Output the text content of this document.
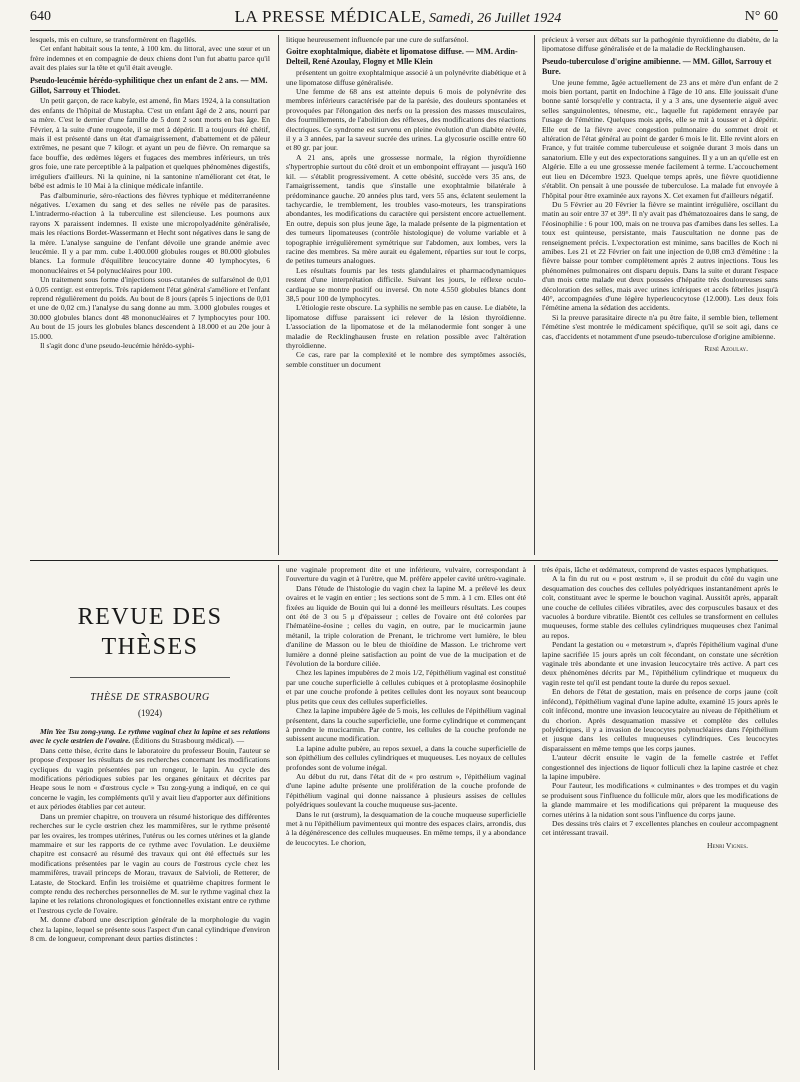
640	LA PRESSE MÉDICALE, Samedi, 26 Juillet 1924	N° 60

lesquels, mis en culture, se transformèrent en flagellés.

Cet enfant habitait sous la tente, à 100 km. du littoral, avec une sœur et un frère indemnes et en compagnie de deux chiens dont l'un fut abattu parce qu'il avait des plaies sur la tête et qu'il était aveugle.

Pseudo-leucémie hérédo-syphilitique chez un enfant de 2 ans. — MM. Gillot, Sarrouy et Thiodet.

Un petit garçon, de race kabyle, est amené, fin Mars 1924, à la consultation des enfants de l'hôpital de Mustapha. C'est un enfant âgé de 2 ans, nourri par sa mère. C'est le dernier d'une famille de 5 dont 2 sont morts en bas âge. En Février, à la suite d'une rougeole, il se met à dépérir. Il a toujours été chétif, mais il est présenté dans un état d'amaigrissement, d'abattement et de pâleur extrêmes, ne pesant que 7 kilogr. et ayant un peu de fièvre. On remarque sa face bouffie, des œdèmes légers et fugaces des membres inférieurs, un très gros foie, une rate perceptible à la palpation et quelques phénomènes digestifs, irréguliers d'ailleurs. Ni la quinine, ni la santonine n'améliorant cet état, le bébé est admis le 10 Mai à la clinique médicale infantile.

Pas d'albuminurie, séro-réactions des fièvres typhique et méditerranéenne négatives. L'examen du sang et des selles ne révèle pas de parasites. L'intradermo-réaction à la tuberculine est silencieuse. Les poumons aux rayons X paraissent indemnes. Il existe une micropolyadénite généralisée, mais les réactions Bordet-Wassermann et Hecht sont négatives dans le sang de la mère. L'analyse sanguine de l'enfant dévoile une grande anémie avec leucémie. Il y a par mm. cube 1.400.000 globules rouges et 80.000 globules blancs. La formule d'équilibre leucocytaire donne 40 lymphocytes, 6 mononucléaires et 54 polynucléaires pour 100.

Un traitement sous forme d'injections sous-cutanées de sulfarsénol de 0,01 à 0,05 centigr. est entrepris. Très rapidement l'état général s'améliore et l'enfant reprend régulièrement du poids. Au bout de 8 jours (après 5 injections de 0,01 et une de 0,02 cm.) l'analyse du sang donne au mm. 3.000 globules rouges et 30.000 globules blancs dont 48 mononucléaires et 7 lymphocytes pour 100. Au bout de 15 jours les globules blancs descendent à 18.000 et au 20e jour à 15.000.

Il s'agit donc d'une pseudo-leucémie hérédo-syphi-

litique heureusement influencée par une cure de sulfarsénol.

Goitre exophtalmique, diabète et lipomatose diffuse. — MM. Ardin-Delteil, René Azoulay, Flogny et Mlle Klein

présentent un goitre exophtalmique associé à un polynévrite diabétique et à une lipomatose diffuse généralisée.

Une femme de 68 ans est atteinte depuis 6 mois de polynévrite des membres inférieurs caractérisée par de la parésie, des douleurs spontanées et provoquées par l'élongation des nerfs ou la pression des masses musculaires, des fourmillements, de l'abolition des réflexes, des modifications des réactions électriques. Ce syndrome est survenu en pleine évolution d'un diabète révélé, il y a 3 années, par la saveur sucrée des urines. La glycosurie oscille entre 60 et 80 gr. par jour.

A 21 ans, après une grossesse normale, la région thyroïdienne s'hypertrophie surtout du côté droit et un embonpoint effrayant — jusqu'à 160 kil. — s'établit progressivement. A cette obésité, succède vers 35 ans, de l'amaigrissement, tandis que s'installe une exophtalmie bilatérale à prédominance gauche. 20 années plus tard, vers 55 ans, éclatent seulement la tachycardie, le tremblement, les troubles vaso-moteurs, les transpirations abondantes, les modifications du caractère qui persistent encore actuellement. En outre, depuis son plus jeune âge, la malade présente de la pigmentation et des tumeurs lipomateuses (contrôle histologique) de volume variable et à topographie irrégulièrement symétrique sur l'abdomen, aux lombes, vers la racine des membres. Sa mère aurait eu également, réparties sur tout le corps, de petites tumeurs analogues.

Les résultats fournis par les tests glandulaires et pharmacodynamiques restent d'une interprétation difficile. Suivant les jours, le réflexe oculo-cardiaque se montre positif ou inversé. On note 4.550 globules blancs dont 38,5 pour 100 de lymphocytes.

L'étiologie reste obscure. La syphilis ne semble pas en cause. Le diabète, la lipomatose diffuse paraissent ici relever de la lésion thyroïdienne. L'association de la lipomatose et de la mélanodermie font songer à une maladie de Recklinghausen fruste en relation possible avec l'altération thyroïdienne.

Ce cas, rare par la complexité et le nombre des symptômes associés, semble constituer un document

précieux à verser aux débats sur la pathogénie thyroïdienne du diabète, de la lipomatose diffuse généralisée et de la maladie de Recklinghausen.

Pseudo-tuberculose d'origine amibienne. — MM. Gillot, Sarrouy et Bure.

Une jeune femme, âgée actuellement de 23 ans et mère d'un enfant de 2 mois bien portant, partit en Indochine à l'âge de 10 ans. Elle jouissait d'une bonne santé lorsqu'elle y contracta, il y a 3 ans, une dysenterie aiguë avec selles sanguinolentes, ténesme, etc., laquelle fut rapidement enrayée par l'usage de l'émétine. Quelques mois après, elle se mit à tousser et à dépérir. Elle eut de la fièvre avec congestion pulmonaire du sommet droit et altération de l'état général au point de garder 6 mois le lit. Elle revint alors en France, y fut traitée comme tuberculeuse et soignée durant 3 mois dans un sanatorium. Elle y eut des expectorations sanguines. Il y a un an qu'elle est en Algérie. Elle a eu une grossesse menée facilement à terme. L'accouchement eut lieu en Décembre 1923. Quelque temps après, une fièvre quotidienne s'établit. On pensait à une poussée de tuberculose. La malade fut envoyée à l'hôpital pour être examinée aux rayons X. Cet examen fut d'ailleurs négatif.

Du 5 Février au 20 Février la fièvre se maintint irrégulière, oscillant du matin au soir entre 37 et 39°. Il n'y avait pas d'hématozoaires dans le sang, de l'éosinophilie : 6 pour 100, mais on ne trouva pas d'amibes dans les selles. La toux est quinteuse, persistante, mais l'auscultation ne donne pas de renseignement précis. L'expectoration est minime, sans bacilles de Koch ni amibes. Les 21 et 22 Février on fait une injection de 0,08 cm3 d'émétine : la fièvre baisse pour tomber complètement après 2 autres injections. Tous les phénomènes pulmonaires ont disparu depuis. Dans la suite et durant l'espace d'un mois cette malade eut deux poussées d'hépatite très douloureuses sans décoloration des selles, mais avec urines ictériques et accès fébriles jusqu'à 40°, accompagnées d'une légère hyperleucocytose (12.000). Les deux fois l'émétine amena la sédation des accidents.

Si la preuve parasitaire directe n'a pu être faite, il semble bien, tellement l'émétine s'est montrée le médicament spécifique, qu'il se soit agi, dans ce cas, d'accidents et notamment d'une pseudo-tuberculose d'origine amibienne.

René Azoulay.
REVUE DES THÈSES
THÈSE DE STRASBOURG
(1924)

Min Yee Tsu zong-yung. Le rythme vaginal chez la lapine et ses relations avec le cycle œstrien de l'ovaire. (Éditions du Strasbourg médical). —

Dans cette thèse, écrite dans le laboratoire du professeur Bouin, l'auteur se propose d'exposer les résultats de ses recherches concernant les modifications cycliques du vagin présentées par un rongeur, le lapin. Au cycle des modifications périodiques subies par les organes génitaux et décrites par Heape sous le nom « d'œstrous cycle » Tsu zong-yung a indiqué, en ce qui concerne le vagin, les compléments qu'il y avait lieu d'apporter aux définitions et aux périodes établies par cet auteur.

Dans un premier chapitre, on trouvera un résumé historique des différentes recherches sur le cycle œstrien chez les mammifères, sur le rythme présenté par les ovaires, les trompes utérines, l'utérus ou les cornes utérines et la glande mammaire et sur les rapports de ce rythme avec l'ovulation. Le deuxième chapitre est consacré au résumé des travaux qui ont été effectués sur les modifications présentées par le vagin au cours de l'œstrous cycle chez les mammifères, travail princeps de Morau, travaux de Salvioli, de Retterer, de Lataste, de Stockard. Enfin les troisième et quatrième chapitres forment le compte rendu des recherches personnelles de M. sur le rythme vaginal chez la lapine et les relations chronologiques et fonctionnelles existant entre ce rythme et l'œstrous cycle de l'ovaire.

M. donne d'abord une description générale de la morphologie du vagin chez la lapine, lequel se présente sous l'aspect d'un canal cylindrique d'environ 8 cm. de longueur, comprenant deux parties distinctes :

une vaginale proprement dite et une inférieure, vulvaire, correspondant à l'ouverture du vagin et à l'urètre, que M. préfère appeler cavité urétro-vaginale.

Dans l'étude de l'histologie du vagin chez la lapine M. a prélevé les deux ovaires et le vagin en entier ; les sections sont de 5 mm. à 1 cm. Elles ont été fixées au liquide de Bouin qui lui a donné les meilleurs résultats. Les coupes ont été de 3 ou 5 μ d'épaisseur ; celles de l'ovaire ont été colorées par l'hématéine-éosine ; celles du vagin, en outre, par le mucicarmin jaune métanil, la triple coloration de Prenant, le trichrome vert lumière, le bleu d'aniline de Masson ou le bleu de thioïdine de Masson. Le trichrome vert lumière a donné pleine satisfaction au point de vue de la mucipation et de l'évolution de la bordure ciliée.

Chez les lapines impubères de 2 mois 1/2, l'épithélium vaginal est constitué par une couche superficielle à cellules cubiques et à protoplasme éosinophile et par une couche profonde à petites cellules dont les noyaux sont beaucoup plus petits que ceux des cellules superficielles.

Chez la lapine impubère âgée de 5 mois, les cellules de l'épithélium vaginal présentent, dans la couche superficielle, une forme cylindrique et commençant à prendre le mucicarmin. Par contre, les cellules de la couche profonde ne subissent aucune modification.

La lapine adulte pubère, au repos sexuel, a dans la couche superficielle de son épithélium des cellules cylindriques et muqueuses. Les noyaux de cellules profondes sont de volume inégal.

Au début du rut, dans l'état dit de « pro œstrum », l'épithélium vaginal d'une lapine adulte présente une prolifération de la couche profonde de l'épithélium vaginal qui donne naissance à plusieurs assises de cellules polyédriques soulevant la couche muqueuse sus-jacente.

Dans le rut (œstrum), la desquamation de la couche muqueuse superficielle met à nu l'épithélium pavimenteux qui montre des espaces clairs, arrondis, dus à la dégénérescence des cellules muqueuses. En même temps, il y a abondance de leucocytes. Le chorion,

très épais, lâche et œdémateux, comprend de vastes espaces lymphatiques.

A la fin du rut ou « post œstrum », il se produit du côté du vagin une desquamation des couches des cellules polyédriques instantanément après le coït, constituant avec le sperme le bouchon vaginal. Aussitôt après, apparaît une couche de cellules ciliées vibratiles, avec des corpuscules basaux et des vacuoles à bordure vibratile. Bientôt ces cellules se transforment en cellules muqueuses, forme stable des cellules cylindriques muqueuses chez l'animal au repos.

Pendant la gestation ou « metœstrum », d'après l'épithélium vaginal d'une lapine sacrifiée 15 jours après un coït fécondant, on constate une sécrétion vaginale très abondante et une invasion leucocytaire très active. A part ces deux phénomènes décrits par M., l'épithélium cylindrique et muqueux du vagin reste tel qu'il est pendant toute la durée du repos sexuel.

En dehors de l'état de gestation, mais en présence de corps jaune (coït infécond), l'épithélium vaginal d'une lapine adulte, examiné 15 jours après le coït infécond, montre une invasion leucocytaire au niveau de l'épithélium et du chorion. Après desquamation massive et complète des cellules polyédriques, il y a invasion de leucocytes polynucléaires dans l'épithélium et jusque dans les cellules muqueuses cylindriques. Ces leucocytes disparaissent en même temps que les corps jaunes.

L'auteur décrit ensuite le vagin de la femelle castrée et l'effet congestionnel des injections de liquor folliculi chez la lapine castrée et chez la lapine impubère.

Pour l'auteur, les modifications « culminantes » des trompes et du vagin se produisent sous l'influence du follicule mûr, alors que les modifications de la glande mammaire et les modifications qui préparent la muqueuse des cornes utérins à la nidation sont sous l'influence du corps jaune.

Des dessins très clairs et 7 excellentes planches en couleur accompagnent cet intéressant travail.

Henri Vignes.
